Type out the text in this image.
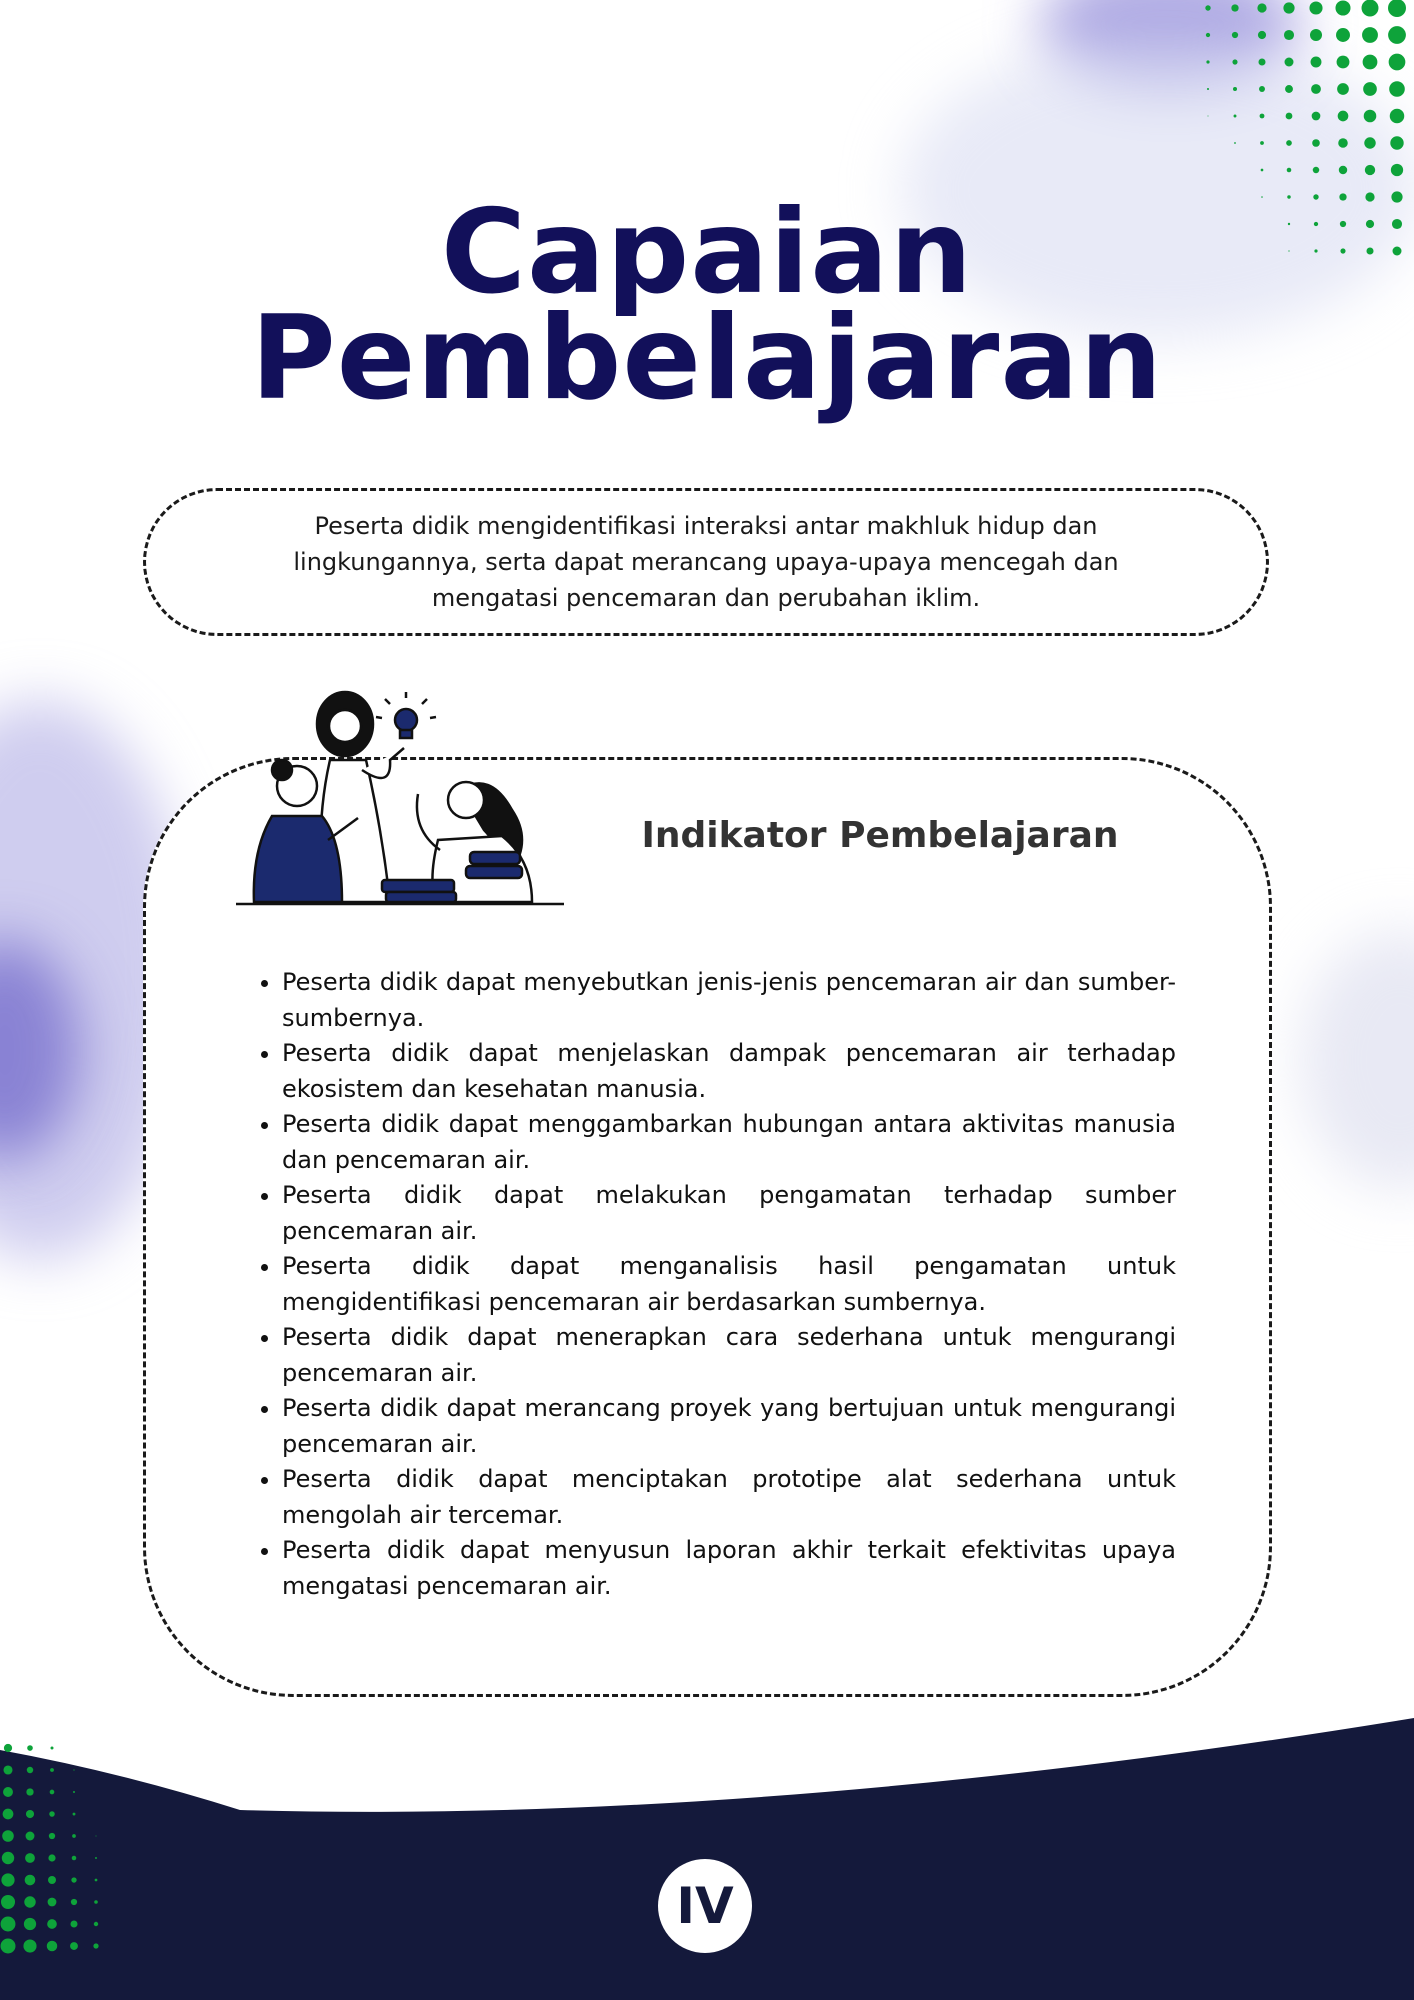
Capaian
Pembelajaran

Peserta didik mengidentifikasi interaksi antar makhluk hidup dan lingkungannya, serta dapat merancang upaya-upaya mencegah dan mengatasi pencemaran dan perubahan iklim.

Indikator Pembelajaran
• Peserta didik dapat menyebutkan jenis-jenis pencemaran air dan sumber-sumbernya.
• Peserta didik dapat menjelaskan dampak pencemaran air terhadap ekosistem dan kesehatan manusia.
• Peserta didik dapat menggambarkan hubungan antara aktivitas manusia dan pencemaran air.
• Peserta didik dapat melakukan pengamatan terhadap sumber pencemaran air.
• Peserta didik dapat menganalisis hasil pengamatan untuk mengidentifikasi pencemaran air berdasarkan sumbernya.
• Peserta didik dapat menerapkan cara sederhana untuk mengurangi pencemaran air.
• Peserta didik dapat merancang proyek yang bertujuan untuk mengurangi pencemaran air.
• Peserta didik dapat menciptakan prototipe alat sederhana untuk mengolah air tercemar.
• Peserta didik dapat menyusun laporan akhir terkait efektivitas upaya mengatasi pencemaran air.
IV
